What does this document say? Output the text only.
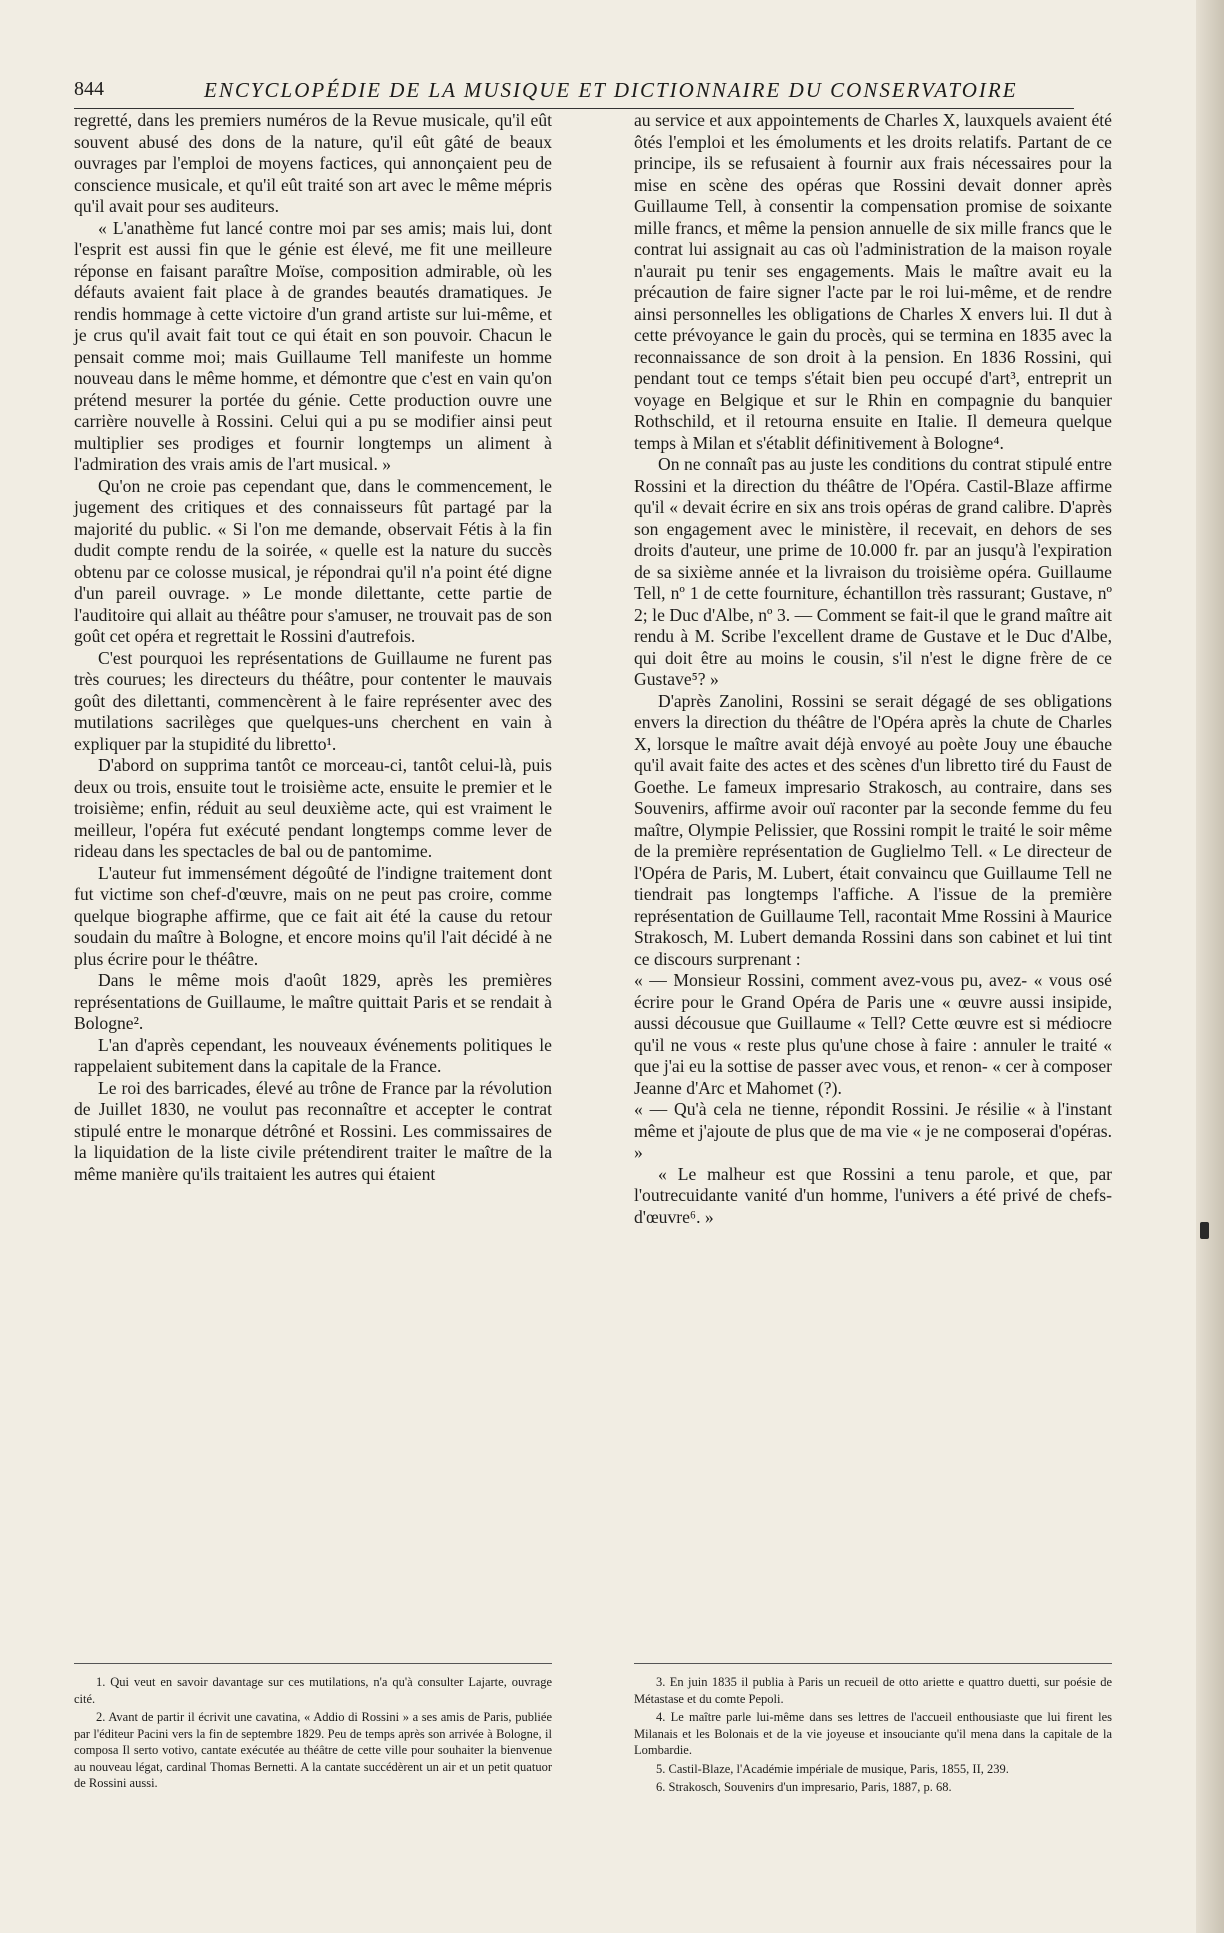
844	ENCYCLOPÉDIE DE LA MUSIQUE ET DICTIONNAIRE DU CONSERVATOIRE

regretté, dans les premiers numéros de la Revue musicale, qu'il eût souvent abusé des dons de la nature, qu'il eût gâté de beaux ouvrages par l'emploi de moyens factices, qui annonçaient peu de conscience musicale, et qu'il eût traité son art avec le même mépris qu'il avait pour ses auditeurs.

« L'anathème fut lancé contre moi par ses amis; mais lui, dont l'esprit est aussi fin que le génie est élevé, me fit une meilleure réponse en faisant paraître Moïse, composition admirable, où les défauts avaient fait place à de grandes beautés dramatiques. Je rendis hommage à cette victoire d'un grand artiste sur lui-même, et je crus qu'il avait fait tout ce qui était en son pouvoir. Chacun le pensait comme moi; mais Guillaume Tell manifeste un homme nouveau dans le même homme, et démontre que c'est en vain qu'on prétend mesurer la portée du génie. Cette production ouvre une carrière nouvelle à Rossini. Celui qui a pu se modifier ainsi peut multiplier ses prodiges et fournir longtemps un aliment à l'admiration des vrais amis de l'art musical. »

Qu'on ne croie pas cependant que, dans le commencement, le jugement des critiques et des connaisseurs fût partagé par la majorité du public. « Si l'on me demande, observait Fétis à la fin dudit compte rendu de la soirée, « quelle est la nature du succès obtenu par ce colosse musical, je répondrai qu'il n'a point été digne d'un pareil ouvrage. » Le monde dilettante, cette partie de l'auditoire qui allait au théâtre pour s'amuser, ne trouvait pas de son goût cet opéra et regrettait le Rossini d'autrefois.

C'est pourquoi les représentations de Guillaume ne furent pas très courues; les directeurs du théâtre, pour contenter le mauvais goût des dilettanti, commencèrent à le faire représenter avec des mutilations sacrilèges que quelques-uns cherchent en vain à expliquer par la stupidité du libretto¹.

D'abord on supprima tantôt ce morceau-ci, tantôt celui-là, puis deux ou trois, ensuite tout le troisième acte, ensuite le premier et le troisième; enfin, réduit au seul deuxième acte, qui est vraiment le meilleur, l'opéra fut exécuté pendant longtemps comme lever de rideau dans les spectacles de bal ou de pantomime.

L'auteur fut immensément dégoûté de l'indigne traitement dont fut victime son chef-d'œuvre, mais on ne peut pas croire, comme quelque biographe affirme, que ce fait ait été la cause du retour soudain du maître à Bologne, et encore moins qu'il l'ait décidé à ne plus écrire pour le théâtre.

Dans le même mois d'août 1829, après les premières représentations de Guillaume, le maître quittait Paris et se rendait à Bologne².

L'an d'après cependant, les nouveaux événements politiques le rappelaient subitement dans la capitale de la France.

Le roi des barricades, élevé au trône de France par la révolution de Juillet 1830, ne voulut pas reconnaître et accepter le contrat stipulé entre le monarque détrôné et Rossini. Les commissaires de la liquidation de la liste civile prétendirent traiter le maître de la même manière qu'ils traitaient les autres qui étaient

au service et aux appointements de Charles X, lauxquels avaient été ôtés l'emploi et les émoluments et les droits relatifs. Partant de ce principe, ils se refusaient à fournir aux frais nécessaires pour la mise en scène des opéras que Rossini devait donner après Guillaume Tell, à consentir la compensation promise de soixante mille francs, et même la pension annuelle de six mille francs que le contrat lui assignait au cas où l'administration de la maison royale n'aurait pu tenir ses engagements. Mais le maître avait eu la précaution de faire signer l'acte par le roi lui-même, et de rendre ainsi personnelles les obligations de Charles X envers lui. Il dut à cette prévoyance le gain du procès, qui se termina en 1835 avec la reconnaissance de son droit à la pension. En 1836 Rossini, qui pendant tout ce temps s'était bien peu occupé d'art³, entreprit un voyage en Belgique et sur le Rhin en compagnie du banquier Rothschild, et il retourna ensuite en Italie. Il demeura quelque temps à Milan et s'établit définitivement à Bologne⁴.

On ne connaît pas au juste les conditions du contrat stipulé entre Rossini et la direction du théâtre de l'Opéra. Castil-Blaze affirme qu'il « devait écrire en six ans trois opéras de grand calibre. D'après son engagement avec le ministère, il recevait, en dehors de ses droits d'auteur, une prime de 10.000 fr. par an jusqu'à l'expiration de sa sixième année et la livraison du troisième opéra. Guillaume Tell, nº 1 de cette fourniture, échantillon très rassurant; Gustave, nº 2; le Duc d'Albe, nº 3. — Comment se fait-il que le grand maître ait rendu à M. Scribe l'excellent drame de Gustave et le Duc d'Albe, qui doit être au moins le cousin, s'il n'est le digne frère de ce Gustave⁵? »

D'après Zanolini, Rossini se serait dégagé de ses obligations envers la direction du théâtre de l'Opéra après la chute de Charles X, lorsque le maître avait déjà envoyé au poète Jouy une ébauche qu'il avait faite des actes et des scènes d'un libretto tiré du Faust de Goethe. Le fameux impresario Strakosch, au contraire, dans ses Souvenirs, affirme avoir ouï raconter par la seconde femme du feu maître, Olympie Pelissier, que Rossini rompit le traité le soir même de la première représentation de Guglielmo Tell. « Le directeur de l'Opéra de Paris, M. Lubert, était convaincu que Guillaume Tell ne tiendrait pas longtemps l'affiche. A l'issue de la première représentation de Guillaume Tell, racontait Mme Rossini à Maurice Strakosch, M. Lubert demanda Rossini dans son cabinet et lui tint ce discours surprenant :

« — Monsieur Rossini, comment avez-vous pu, avez- « vous osé écrire pour le Grand Opéra de Paris une « œuvre aussi insipide, aussi décousue que Guillaume « Tell? Cette œuvre est si médiocre qu'il ne vous « reste plus qu'une chose à faire : annuler le traité « que j'ai eu la sottise de passer avec vous, et renon- « cer à composer Jeanne d'Arc et Mahomet (?).

« — Qu'à cela ne tienne, répondit Rossini. Je résilie « à l'instant même et j'ajoute de plus que de ma vie « je ne composerai d'opéras. »

« Le malheur est que Rossini a tenu parole, et que, par l'outrecuidante vanité d'un homme, l'univers a été privé de chefs-d'œuvre⁶. »

1. Qui veut en savoir davantage sur ces mutilations, n'a qu'à consulter Lajarte, ouvrage cité.

2. Avant de partir il écrivit une cavatina, « Addio di Rossini » a ses amis de Paris, publiée par l'éditeur Pacini vers la fin de septembre 1829. Peu de temps après son arrivée à Bologne, il composa Il serto votivo, cantate exécutée au théâtre de cette ville pour souhaiter la bienvenue au nouveau légat, cardinal Thomas Bernetti. A la cantate succédèrent un air et un petit quatuor de Rossini aussi.

3. En juin 1835 il publia à Paris un recueil de otto ariette e quattro duetti, sur poésie de Métastase et du comte Pepoli.

4. Le maître parle lui-même dans ses lettres de l'accueil enthousiaste que lui firent les Milanais et les Bolonais et de la vie joyeuse et insouciante qu'il mena dans la capitale de la Lombardie.

5. Castil-Blaze, l'Académie impériale de musique, Paris, 1855, II, 239.

6. Strakosch, Souvenirs d'un impresario, Paris, 1887, p. 68.
